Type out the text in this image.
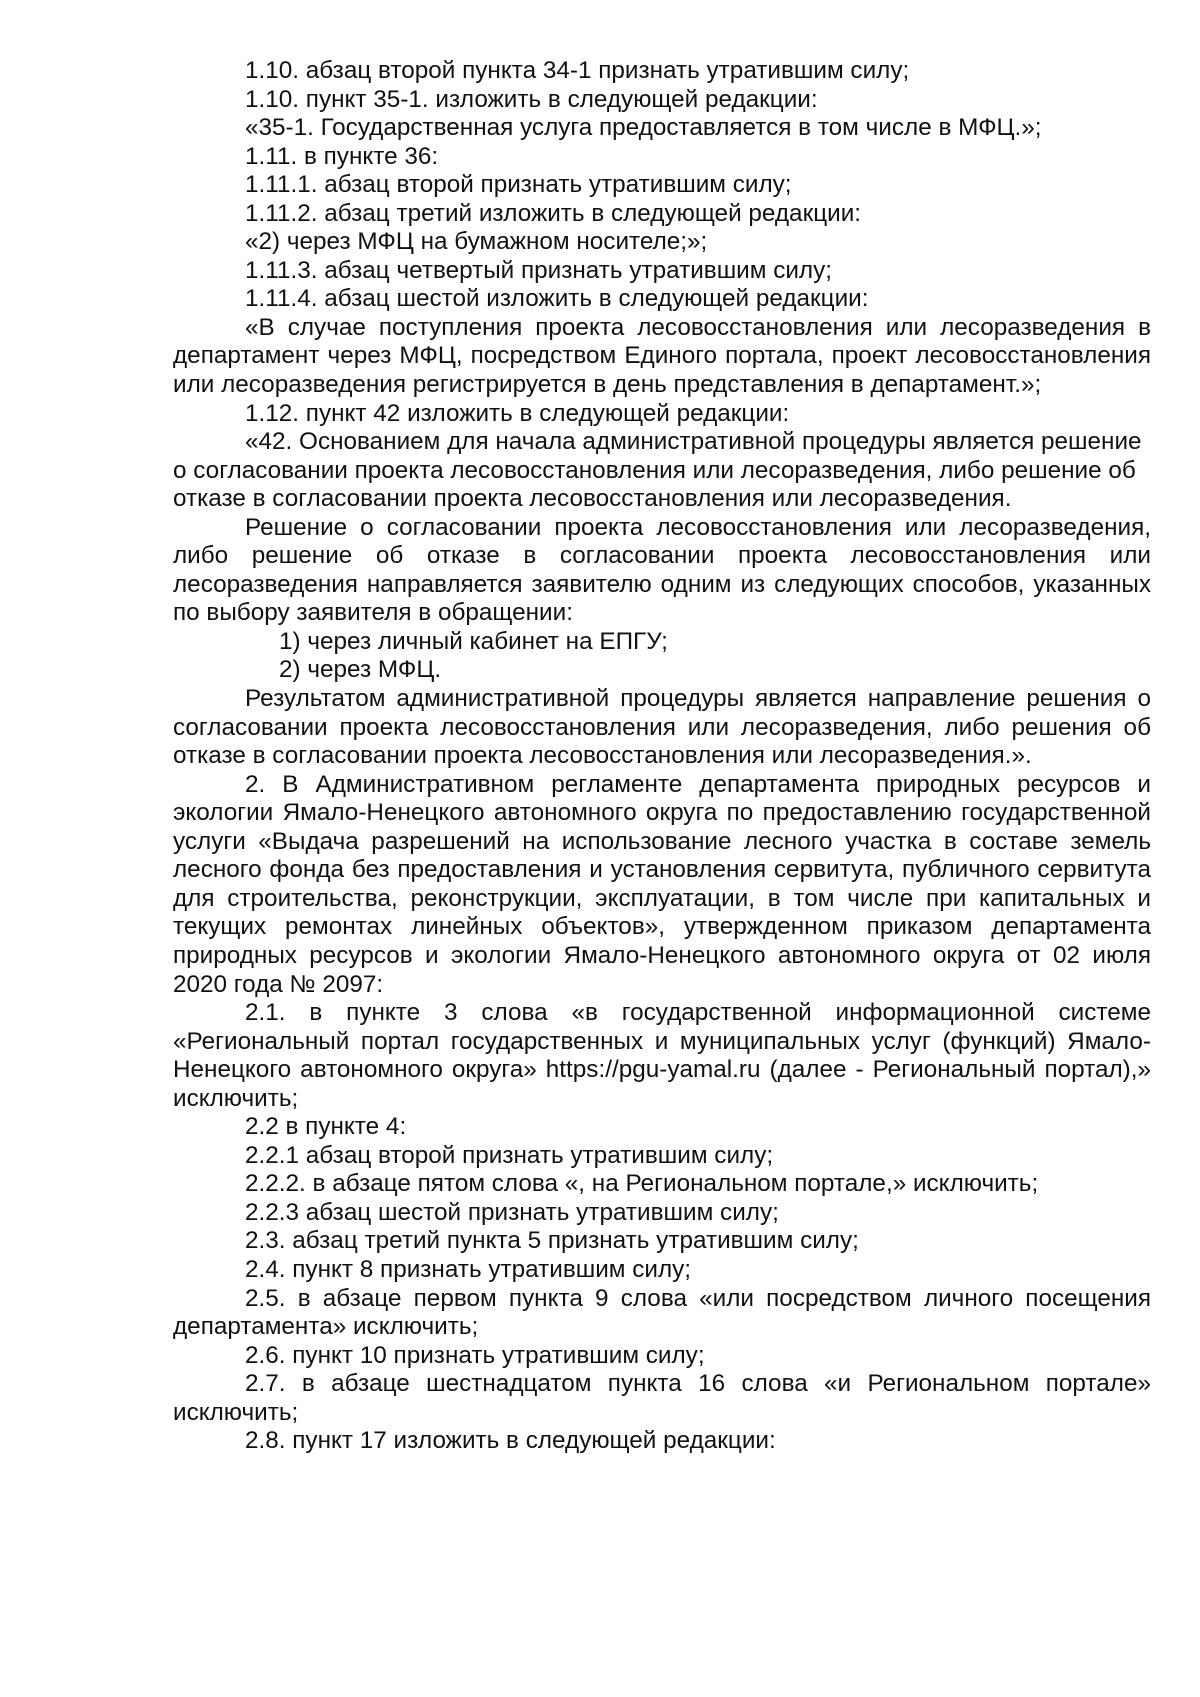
1.10. абзац второй пункта 34-1 признать утратившим силу;

1.10. пункт 35-1. изложить в следующей редакции:

«35-1. Государственная услуга предоставляется в том числе в МФЦ.»;

1.11. в пункте 36:

1.11.1. абзац второй признать утратившим силу;

1.11.2. абзац третий изложить в следующей редакции:

«2) через МФЦ на бумажном носителе;»;

1.11.3. абзац четвертый признать утратившим силу;

1.11.4. абзац шестой изложить в следующей редакции:

«В случае поступления проекта лесовосстановления или лесоразведения в департамент через МФЦ, посредством Единого портала, проект лесовосстановления или лесоразведения регистрируется в день представления в департамент.»;

1.12. пункт 42 изложить в следующей редакции:

«42. Основанием для начала административной процедуры является решение о согласовании проекта лесовосстановления или лесоразведения, либо решение об отказе в согласовании проекта лесовосстановления или лесоразведения.

Решение о согласовании проекта лесовосстановления или лесоразведения, либо решение об отказе в согласовании проекта лесовосстановления или лесоразведения направляется заявителю одним из следующих способов, указанных по выбору заявителя в обращении:

1) через личный кабинет на ЕПГУ;

2) через МФЦ.

Результатом административной процедуры является направление решения о согласовании проекта лесовосстановления или лесоразведения, либо решения об отказе в согласовании проекта лесовосстановления или лесоразведения.».

2. В Административном регламенте департамента природных ресурсов и экологии Ямало-Ненецкого автономного округа по предоставлению государственной услуги «Выдача разрешений на использование лесного участка в составе земель лесного фонда без предоставления и установления сервитута, публичного сервитута для строительства, реконструкции, эксплуатации, в том числе при капитальных и текущих ремонтах линейных объектов», утвержденном приказом департамента природных ресурсов и экологии Ямало-Ненецкого автономного округа от 02 июля 2020 года № 2097:

2.1. в пункте 3 слова «в государственной информационной системе «Региональный портал государственных и муниципальных услуг (функций) Ямало-Ненецкого автономного округа» https://pgu-yamal.ru (далее - Региональный портал),» исключить;

2.2 в пункте 4:

2.2.1 абзац второй признать утратившим силу;

2.2.2. в абзаце пятом слова «, на Региональном портале,» исключить;

2.2.3 абзац шестой признать утратившим силу;

2.3. абзац третий пункта 5 признать утратившим силу;

2.4. пункт 8 признать утратившим силу;

2.5. в абзаце первом пункта 9 слова «или посредством личного посещения департамента» исключить;

2.6. пункт 10 признать утратившим силу;

2.7. в абзаце шестнадцатом пункта 16 слова «и Региональном портале» исключить;

2.8. пункт 17 изложить в следующей редакции:
